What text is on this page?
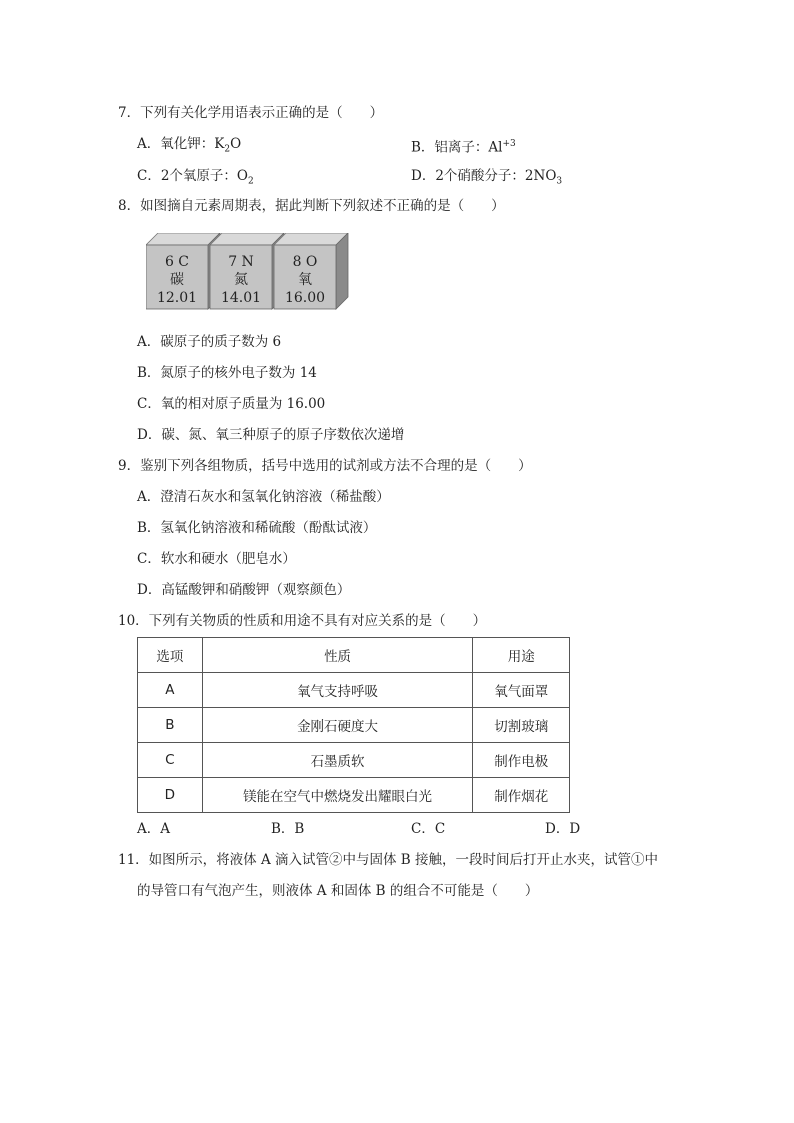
7．下列有关化学用语表示正确的是（　　）
A．氧化钾：$K_2O$	B．铝离子：$Al^{+3}$
C．2个氧原子：$O_2$	D．2个硝酸分子：$2NO_3$
8．如图摘自元素周期表，据此判断下列叙述不正确的是（　　）
6 C
碳
12.01
7 N
氮
14.01
8 O
氧
16.00
A．碳原子的质子数为 6
B．氮原子的核外电子数为 14
C．氧的相对原子质量为 16.00
D．碳、氮、氧三种原子的原子序数依次递增
9．鉴别下列各组物质，括号中选用的试剂或方法不合理的是（　　）
A．澄清石灰水和氢氧化钠溶液（稀盐酸）
B．氢氧化钠溶液和稀硫酸（酚酞试液）
C．软水和硬水（肥皂水）
D．高锰酸钾和硝酸钾（观察颜色）
10．下列有关物质的性质和用途不具有对应关系的是（　　）
选项	性质	用途
A	氧气支持呼吸	氧气面罩
B	金刚石硬度大	切割玻璃
C	石墨质软	制作电极
D	镁能在空气中燃烧发出耀眼白光	制作烟花
A．A	B．B	C．C	D．D
11．如图所示，将液体 A 滴入试管②中与固体 B 接触，一段时间后打开止水夹，试管①中
的导管口有气泡产生，则液体 A 和固体 B 的组合不可能是（　　）
